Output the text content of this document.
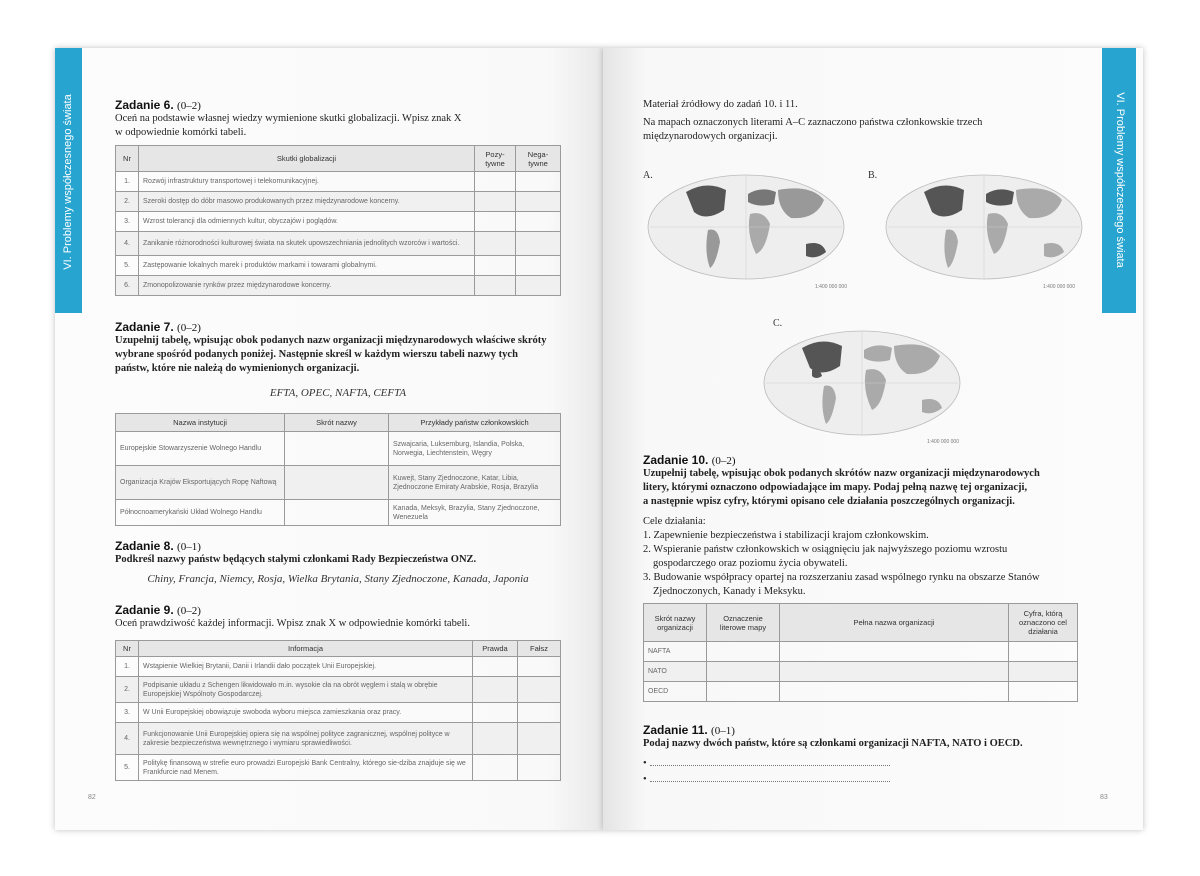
VI. Problemy współczesnego świata	VI. Problemy współczesnego świata
Zadanie 6. (0–2)
Oceń na podstawie własnej wiedzy wymienione skutki globalizacji. Wpisz znak X
w odpowiednie komórki tabeli.
Nr	Skutki globalizacji	Pozy- tywne	Nega- tywne
1.	Rozwój infrastruktury transportowej i telekomunikacyjnej.		
2.	Szeroki dostęp do dóbr masowo produkowanych przez międzynarodowe koncerny.		
3.	Wzrost tolerancji dla odmiennych kultur, obyczajów i poglądów.		
4.	Zanikanie różnorodności kulturowej świata na skutek upowszechniania jednolitych wzorców i wartości.		
5.	Zastępowanie lokalnych marek i produktów markami i towarami globalnymi.		
6.	Zmonopolizowanie rynków przez międzynarodowe koncerny.		
Zadanie 7. (0–2)
Uzupełnij tabelę, wpisując obok podanych nazw organizacji międzynarodowych właściwe skróty
wybrane spośród podanych poniżej. Następnie skreśl w każdym wierszu tabeli nazwy tych
państw, które nie należą do wymienionych organizacji.
EFTA, OPEC, NAFTA, CEFTA
Nazwa instytucji	Skrót nazwy	Przykłady państw członkowskich
Europejskie Stowarzyszenie Wolnego Handlu		Szwajcaria, Luksemburg, Islandia, Polska, Norwegia, Liechtenstein, Węgry
Organizacja Krajów Eksportujących Ropę Naftową		Kuwejt, Stany Zjednoczone, Katar, Libia, Zjednoczone Emiraty Arabskie, Rosja, Brazylia
Północnoamerykański Układ Wolnego Handlu		Kanada, Meksyk, Brazylia, Stany Zjednoczone, Wenezuela
Zadanie 8. (0–1)
Podkreśl nazwy państw będących stałymi członkami Rady Bezpieczeństwa ONZ.
Chiny, Francja, Niemcy, Rosja, Wielka Brytania, Stany Zjednoczone, Kanada, Japonia
Zadanie 9. (0–2)
Oceń prawdziwość każdej informacji. Wpisz znak X w odpowiednie komórki tabeli.
Nr	Informacja	Prawda	Fałsz
1.	Wstąpienie Wielkiej Brytanii, Danii i Irlandii dało początek Unii Europejskiej.		
2.	Podpisanie układu z Schengen likwidowało m.in. wysokie cła na obrót węglem i stalą w obrębie Europejskiej Wspólnoty Gospodarczej.		
3.	W Unii Europejskiej obowiązuje swoboda wyboru miejsca zamieszkania oraz pracy.		
4.	Funkcjonowanie Unii Europejskiej opiera się na wspólnej polityce zagranicznej, wspólnej polityce w zakresie bezpieczeństwa wewnętrznego i wymiaru sprawiedliwości.		
5.	Politykę finansową w strefie euro prowadzi Europejski Bank Centralny, którego sie-dziba znajduje się we Frankfurcie nad Menem.		
82
Materiał źródłowy do zadań 10. i 11.
Na mapach oznaczonych literami A–C zaznaczono państwa członkowskie trzech
międzynarodowych organizacji.
A.
1:400 000 000
B.
1:400 000 000
C.
1:400 000 000
Zadanie 10. (0–2)
Uzupełnij tabelę, wpisując obok podanych skrótów nazw organizacji międzynarodowych
litery, którymi oznaczono odpowiadające im mapy. Podaj pełną nazwę tej organizacji,
a następnie wpisz cyfry, którymi opisano cele działania poszczególnych organizacji.
Cele działania:
1. Zapewnienie bezpieczeństwa i stabilizacji krajom członkowskim.
2. Wspieranie państw członkowskich w osiągnięciu jak najwyższego poziomu wzrostu
gospodarczego oraz poziomu życia obywateli.
3. Budowanie współpracy opartej na rozszerzaniu zasad wspólnego rynku na obszarze Stanów
Zjednoczonych, Kanady i Meksyku.
Skrót nazwy organizacji	Oznaczenie literowe mapy	Pełna nazwa organizacji	Cyfra, którą oznaczono cel działania
NAFTA			
NATO			
OECD			
Zadanie 11. (0–1)
Podaj nazwy dwóch państw, które są członkami organizacji NAFTA, NATO i OECD.
•
•
83
